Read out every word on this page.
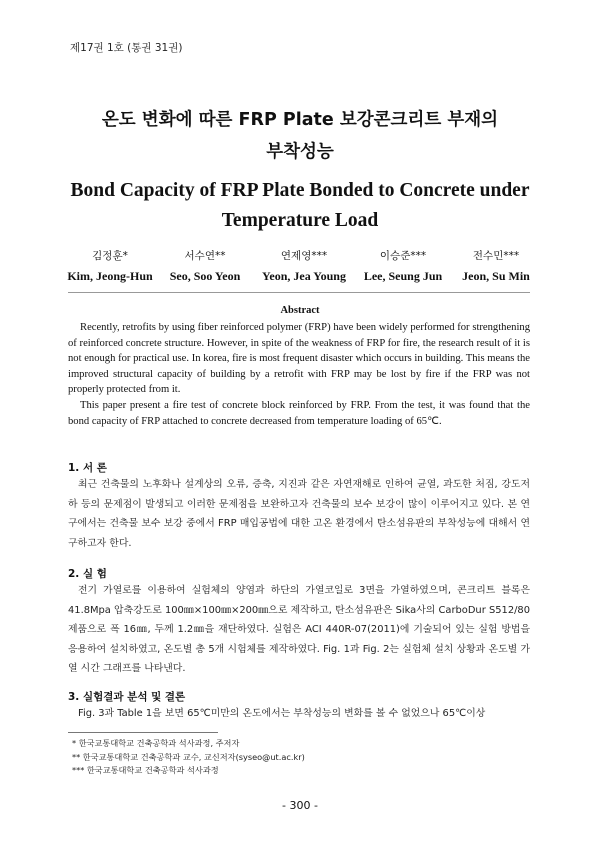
제17권 1호 (통권 31권)
온도 변화에 따른 FRP Plate 보강콘크리트 부재의
부착성능
Bond Capacity of FRP Plate Bonded to Concrete under
Temperature Load
김정훈*
Kim, Jeong-Hun
서수연**
Seo, Soo Yeon
연제영***
Yeon, Jea Young
이승준***
Lee, Seung Jun
전수민***
Jeon, Su Min
Abstract

Recently, retrofits by using fiber reinforced polymer (FRP) have been widely performed for strengthening of reinforced concrete structure. However, in spite of the weakness of FRP for fire, the research result of it is not enough for practical use. In korea, fire is most frequent disaster which occurs in building. This means the improved structural capacity of building by a retrofit with FRP may be lost by fire if the FRP was not properly protected from it.

This paper present a fire test of concrete block reinforced by FRP. From the test, it was found that the bond capacity of FRP attached to concrete decreased from temperature loading of 65℃.

1. 서 론

최근 건축물의 노후화나 설계상의 오류, 증축, 지진과 같은 자연재해로 인하여 균열, 과도한 처짐, 강도저하 등의 문제점이 발생되고 이러한 문제점을 보완하고자 건축물의 보수 보강이 많이 이루어지고 있다. 본 연구에서는 건축물 보수 보강 중에서 FRP 매입공법에 대한 고온 환경에서 탄소섬유판의 부착성능에 대해서 연구하고자 한다.

2. 실 험

전기 가열로를 이용하여 실험체의 양염과 하단의 가열코일로 3면을 가열하였으며, 콘크리트 블록은 41.8Mpa 압축강도로 100㎜×100㎜×200㎜으로 제작하고, 탄소섬유판은 Sika사의 CarboDur S512/80 제품으로 폭 16㎜, 두께 1.2㎜을 재단하였다. 실험은 ACI 440R-07(2011)에 기술되어 있는 실험 방법을 응용하여 설치하였고, 온도별 총 5개 시험체를 제작하였다. Fig. 1과 Fig. 2는 실험체 설치 상황과 온도별 가열 시간 그래프를 나타낸다.

3. 실험결과 분석 및 결론

Fig. 3과 Table 1을 보면 65℃미만의 온도에서는 부착성능의 변화를 볼 수 없었으나 65℃이상

* 한국교통대학교 건축공학과 석사과정, 주저자
** 한국교통대학교 건축공학과 교수, 교신저자(syseo@ut.ac.kr)
*** 한국교통대학교 건축공학과 석사과정
- 300 -
